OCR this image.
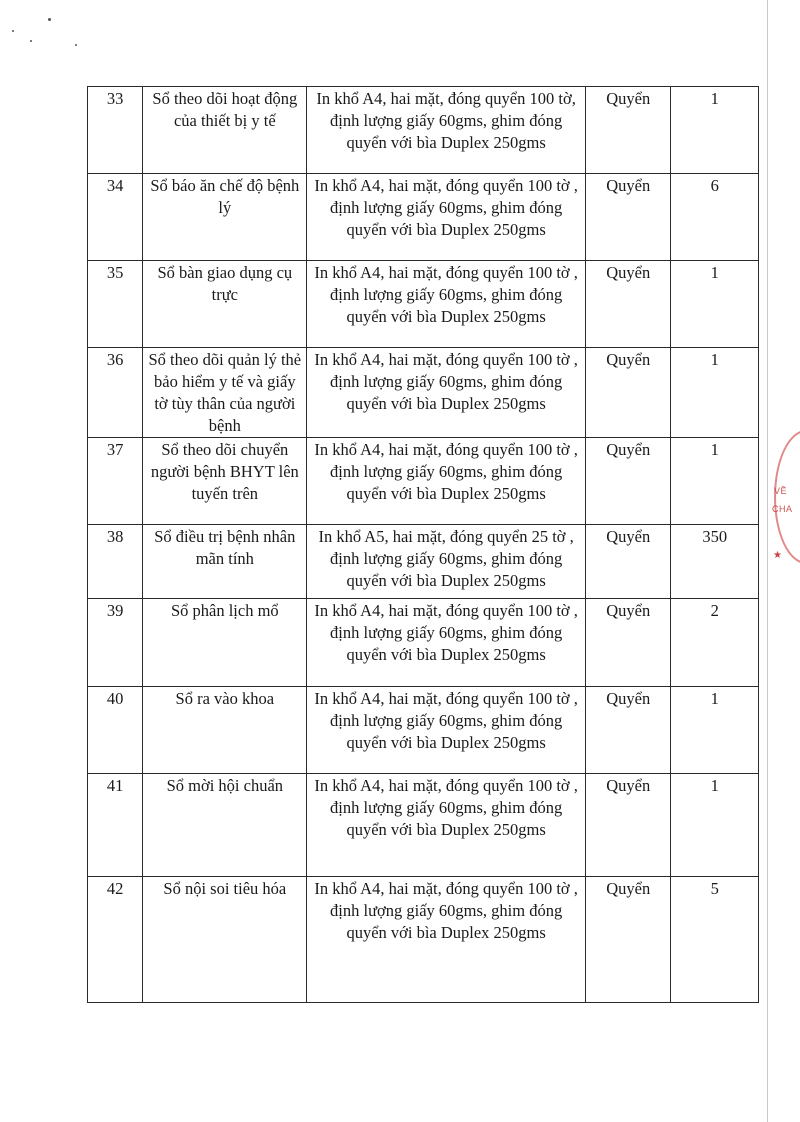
VỀ
CHA
★
33	Sổ theo dõi hoạt động của thiết bị y tế	In khổ A4, hai mặt, đóng quyển 100 tờ, định lượng giấy 60gms, ghim đóng quyển với bìa Duplex 250gms	Quyển	1
34	Sổ báo ăn chế độ bệnh lý	In khổ A4, hai mặt, đóng quyển 100 tờ , định lượng giấy 60gms, ghim đóng quyển với bìa Duplex 250gms	Quyển	6
35	Sổ bàn giao dụng cụ trực	In khổ A4, hai mặt, đóng quyển 100 tờ , định lượng giấy 60gms, ghim đóng quyển với bìa Duplex 250gms	Quyển	1
36	Sổ theo dõi quản lý thẻ bảo hiểm y tế và giấy tờ tùy thân của người bệnh	In khổ A4, hai mặt, đóng quyển 100 tờ , định lượng giấy 60gms, ghim đóng quyển với bìa Duplex 250gms	Quyển	1
37	Sổ theo dõi chuyển người bệnh BHYT lên tuyến trên	In khổ A4, hai mặt, đóng quyển 100 tờ , định lượng giấy 60gms, ghim đóng quyển với bìa Duplex 250gms	Quyển	1
38	Sổ điều trị bệnh nhân mãn tính	In khổ A5, hai mặt, đóng quyển 25 tờ , định lượng giấy 60gms, ghim đóng quyển với bìa Duplex 250gms	Quyển	350
39	Sổ phân lịch mổ	In khổ A4, hai mặt, đóng quyển 100 tờ , định lượng giấy 60gms, ghim đóng quyển với bìa Duplex 250gms	Quyển	2
40	Sổ ra vào khoa	In khổ A4, hai mặt, đóng quyển 100 tờ , định lượng giấy 60gms, ghim đóng quyển với bìa Duplex 250gms	Quyển	1
41	Sổ mời hội chuẩn	In khổ A4, hai mặt, đóng quyển 100 tờ , định lượng giấy 60gms, ghim đóng quyển với bìa Duplex 250gms	Quyển	1
42	Sổ nội soi tiêu hóa	In khổ A4, hai mặt, đóng quyển 100 tờ , định lượng giấy 60gms, ghim đóng quyển với bìa Duplex 250gms	Quyển	5
